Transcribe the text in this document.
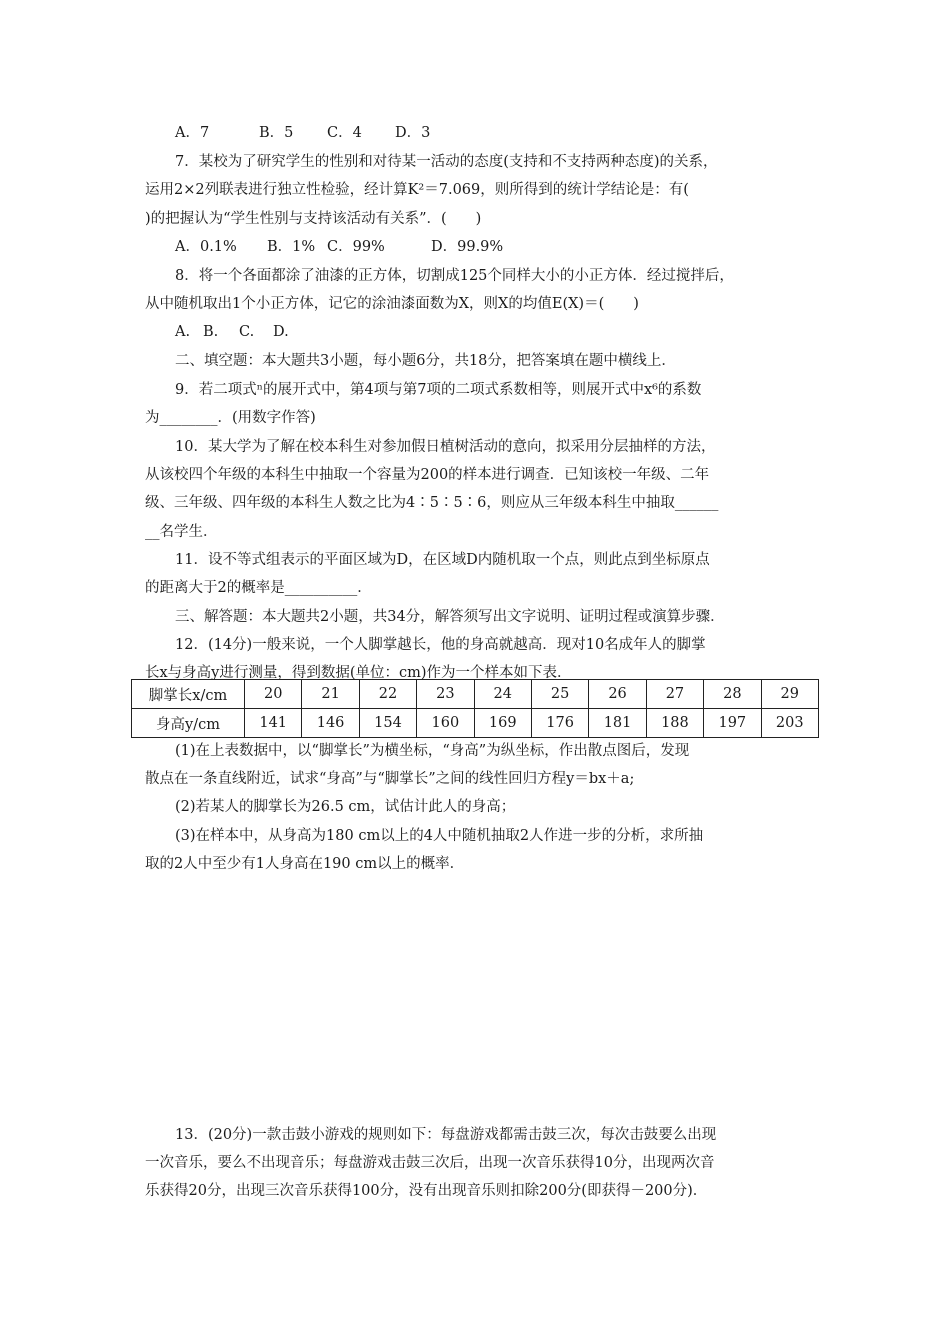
A．7	B．5 C．4 D．3
7．某校为了研究学生的性别和对待某一活动的态度(支持和不支持两种态度)的关系，
运用2×2列联表进行独立性检验，经计算K²＝7.069，则所得到的统计学结论是：有(
)的把握认为“学生性别与支持该活动有关系”．(　　)
A．0.1% B．1% C．99%	D．99.9%
8．将一个各面都涂了油漆的正方体，切割成125个同样大小的小正方体．经过搅拌后，
从中随机取出1个小正方体，记它的涂油漆面数为X，则X的均值E(X)＝(　　)
A. B. C. D.
二、填空题：本大题共3小题，每小题6分，共18分，把答案填在题中横线上．
9．若二项式ⁿ的展开式中，第4项与第7项的二项式系数相等，则展开式中x⁶的系数
为________．(用数字作答)
10．某大学为了解在校本科生对参加假日植树活动的意向，拟采用分层抽样的方法，
从该校四个年级的本科生中抽取一个容量为200的样本进行调查．已知该校一年级、二年
级、三年级、四年级的本科生人数之比为4∶5∶5∶6，则应从三年级本科生中抽取______
__名学生．
11．设不等式组表示的平面区域为D，在区域D内随机取一个点，则此点到坐标原点
的距离大于2的概率是__________．
三、解答题：本大题共2小题，共34分，解答须写出文字说明、证明过程或演算步骤．
12．(14分)一般来说，一个人脚掌越长，他的身高就越高．现对10名成年人的脚掌
长x与身高y进行测量，得到数据(单位：cm)作为一个样本如下表．
脚掌长x/cm	20	21	22	23	24	25	26	27	28	29
身高y/cm	141	146	154	160	169	176	181	188	197	203
(1)在上表数据中，以“脚掌长”为横坐标，“身高”为纵坐标，作出散点图后，发现
散点在一条直线附近，试求“身高”与“脚掌长”之间的线性回归方程y＝bx＋a;
(2)若某人的脚掌长为26.5 cm，试估计此人的身高；
(3)在样本中，从身高为180 cm以上的4人中随机抽取2人作进一步的分析，求所抽
取的2人中至少有1人身高在190 cm以上的概率．
13．(20分)一款击鼓小游戏的规则如下：每盘游戏都需击鼓三次，每次击鼓要么出现
一次音乐，要么不出现音乐；每盘游戏击鼓三次后，出现一次音乐获得10分，出现两次音
乐获得20分，出现三次音乐获得100分，没有出现音乐则扣除200分(即获得－200分)．
